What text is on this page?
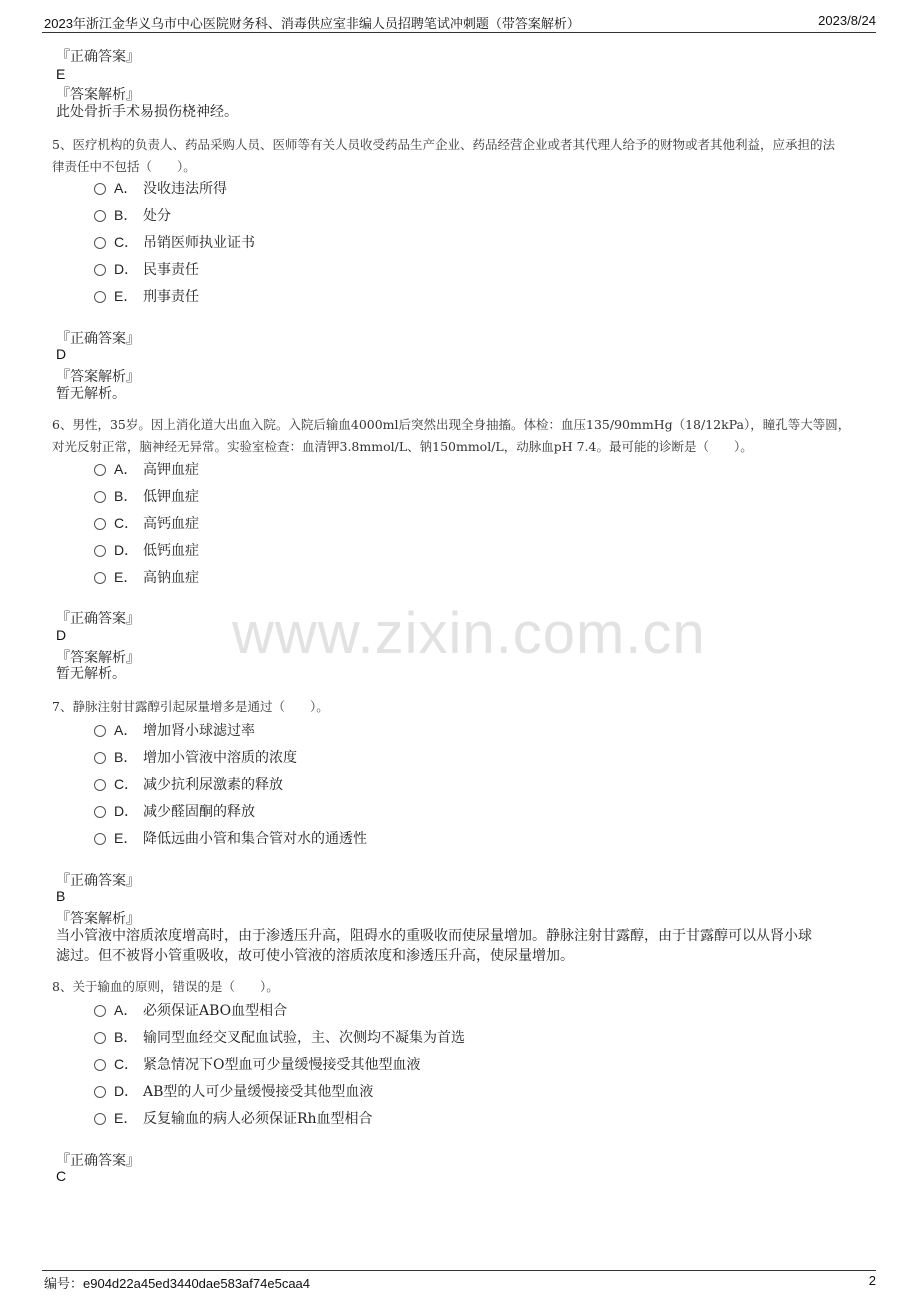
2023年浙江金华义乌市中心医院财务科、消毒供应室非编人员招聘笔试冲刺题（带答案解析）	2023/8/24
www.zixin.com.cn
『正确答案』
E
『答案解析』
此处骨折手术易损伤桡神经。
5、医疗机构的负责人、药品采购人员、医师等有关人员收受药品生产企业、药品经营企业或者其代理人给予的财物或者其他利益，应承担的法
律责任中不包括（　　）。
A． 没收违法所得
B． 处分
C． 吊销医师执业证书
D． 民事责任
E． 刑事责任
『正确答案』
D
『答案解析』
暂无解析。
6、男性，35岁。因上消化道大出血入院。入院后输血4000ml后突然出现全身抽搐。体检：血压135/90mmHg（18/12kPa），瞳孔等大等圆，
对光反射正常，脑神经无异常。实验室检查：血清钾3.8mmol/L、钠150mmol/L，动脉血pH 7.4。最可能的诊断是（　　）。
A． 高钾血症
B． 低钾血症
C． 高钙血症
D． 低钙血症
E． 高钠血症
『正确答案』
D
『答案解析』
暂无解析。
7、静脉注射甘露醇引起尿量增多是通过（　　）。
A． 增加肾小球滤过率
B． 增加小管液中溶质的浓度
C． 减少抗利尿激素的释放
D． 减少醛固酮的释放
E． 降低远曲小管和集合管对水的通透性
『正确答案』
B
『答案解析』
当小管液中溶质浓度增高时，由于渗透压升高，阻碍水的重吸收而使尿量增加。静脉注射甘露醇，由于甘露醇可以从肾小球
滤过。但不被肾小管重吸收，故可使小管液的溶质浓度和渗透压升高，使尿量增加。
8、关于输血的原则，错误的是（　　）。
A． 必须保证ABO血型相合
B． 输同型血经交叉配血试验，主、次侧均不凝集为首选
C． 紧急情况下O型血可少量缓慢接受其他型血液
D． AB型的人可少量缓慢接受其他型血液
E． 反复输血的病人必须保证Rh血型相合
『正确答案』
C
编号：e904d22a45ed3440dae583af74e5caa4	2
